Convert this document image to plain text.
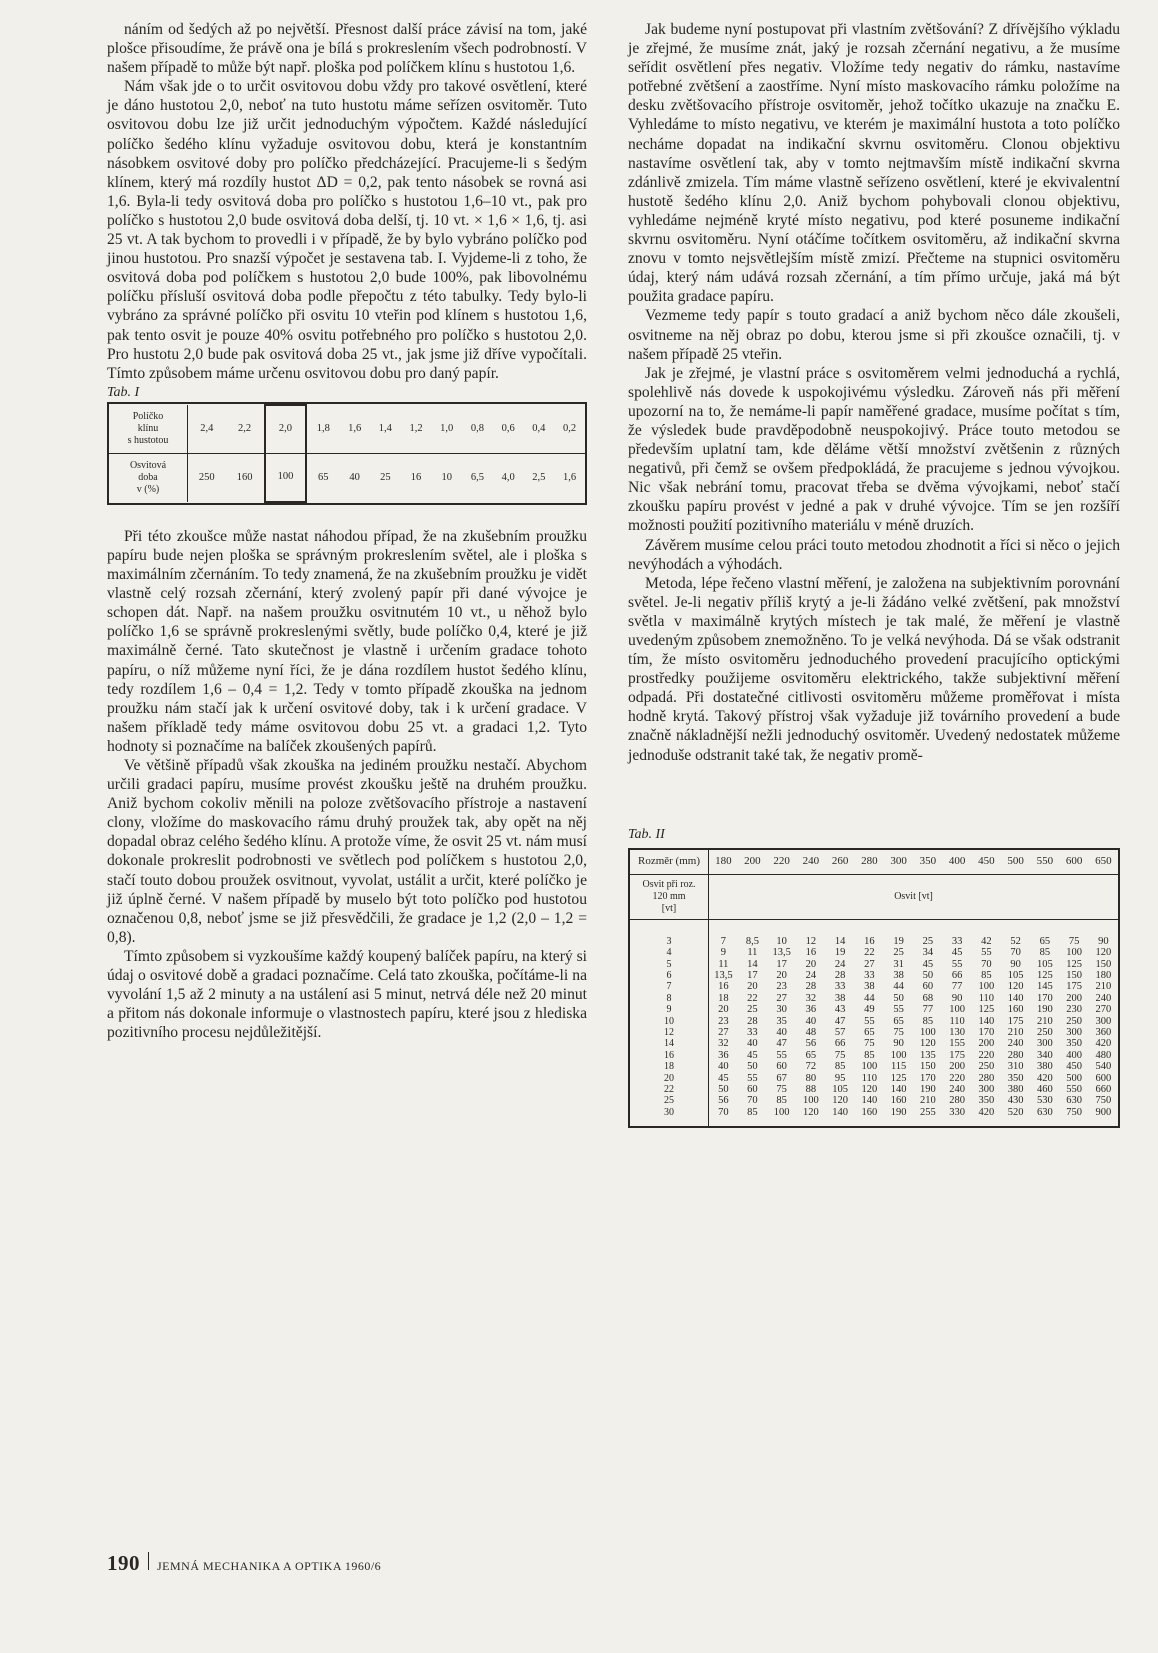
náním od šedých až po největší. Přesnost další práce závisí na tom, jaké plošce přisoudíme, že právě ona je bílá s prokreslením všech podrobností. V našem případě to může být např. ploška pod políčkem klínu s hustotou 1,6.

Nám však jde o to určit osvitovou dobu vždy pro takové osvětlení, které je dáno hustotou 2,0, neboť na tuto hustotu máme seřízen osvitoměr. Tuto osvitovou dobu lze již určit jednoduchým výpočtem. Každé následující políčko šedého klínu vyžaduje osvitovou dobu, která je konstantním násobkem osvitové doby pro políčko předcházející. Pracujeme-li s šedým klínem, který má rozdíly hustot ΔD = 0,2, pak tento násobek se rovná asi 1,6. Byla-li tedy osvitová doba pro políčko s hustotou 1,6–10 vt., pak pro políčko s hustotou 2,0 bude osvitová doba delší, tj. 10 vt. × 1,6 × 1,6, tj. asi 25 vt. A tak bychom to provedli i v případě, že by bylo vybráno políčko pod jinou hustotou. Pro snazší výpočet je sestavena tab. I. Vyjdeme-li z toho, že osvitová doba pod políčkem s hustotou 2,0 bude 100%, pak libovolnému políčku přísluší osvitová doba podle přepočtu z této tabulky. Tedy bylo-li vybráno za správné políčko při osvitu 10 vteřin pod klínem s hustotou 1,6, pak tento osvit je pouze 40% osvitu potřebného pro políčko s hustotou 2,0. Pro hustotu 2,0 bude pak osvitová doba 25 vt., jak jsme již dříve vypočítali. Tímto způsobem máme určenu osvitovou dobu pro daný papír.

Tab. I

Políčko
klínu
s hustotou	2,4	2,2	2,0	1,8	1,6	1,4	1,2	1,0	0,8	0,6	0,4	0,2

Osvitová
doba
v (%)	250	160	100	65	40	25	16	10	6,5	4,0	2,5	1,6

Při této zkoušce může nastat náhodou případ, že na zkušebním proužku papíru bude nejen ploška se správným prokreslením světel, ale i ploška s maximálním zčernáním. To tedy znamená, že na zkušebním proužku je vidět vlastně celý rozsah zčernání, který zvolený papír při dané vývojce je schopen dát. Např. na našem proužku osvitnutém 10 vt., u něhož bylo políčko 1,6 se správně prokreslenými světly, bude políčko 0,4, které je již maximálně černé. Tato skutečnost je vlastně i určením gradace tohoto papíru, o níž můžeme nyní říci, že je dána rozdílem hustot šedého klínu, tedy rozdílem 1,6 – 0,4 = 1,2. Tedy v tomto případě zkouška na jednom proužku nám stačí jak k určení osvitové doby, tak i k určení gradace. V našem příkladě tedy máme osvitovou dobu 25 vt. a gradaci 1,2. Tyto hodnoty si poznačíme na balíček zkoušených papírů.

Ve většině případů však zkouška na jediném proužku nestačí. Abychom určili gradaci papíru, musíme provést zkoušku ještě na druhém proužku. Aniž bychom cokoliv měnili na poloze zvětšovacího přístroje a nastavení clony, vložíme do maskovacího rámu druhý proužek tak, aby opět na něj dopadal obraz celého šedého klínu. A protože víme, že osvit 25 vt. nám musí dokonale prokreslit podrobnosti ve světlech pod políčkem s hustotou 2,0, stačí touto dobou proužek osvitnout, vyvolat, ustálit a určit, které políčko je již úplně černé. V našem případě by muselo být toto políčko pod hustotou označenou 0,8, neboť jsme se již přesvědčili, že gradace je 1,2 (2,0 – 1,2 = 0,8).

Tímto způsobem si vyzkoušíme každý koupený balíček papíru, na který si údaj o osvitové době a gradaci poznačíme. Celá tato zkouška, počítáme-li na vyvolání 1,5 až 2 minuty a na ustálení asi 5 minut, netrvá déle než 20 minut a přitom nás dokonale informuje o vlastnostech papíru, které jsou z hlediska pozitivního procesu nejdůležitější.

Jak budeme nyní postupovat při vlastním zvětšování? Z dřívějšího výkladu je zřejmé, že musíme znát, jaký je rozsah zčernání negativu, a že musíme seřídit osvětlení přes negativ. Vložíme tedy negativ do rámku, nastavíme potřebné zvětšení a zaostříme. Nyní místo maskovacího rámku položíme na desku zvětšovacího přístroje osvitoměr, jehož točítko ukazuje na značku E. Vyhledáme to místo negativu, ve kterém je maximální hustota a toto políčko necháme dopadat na indikační skvrnu osvitoměru. Clonou objektivu nastavíme osvětlení tak, aby v tomto nejtmavším místě indikační skvrna zdánlivě zmizela. Tím máme vlastně seřízeno osvětlení, které je ekvivalentní hustotě šedého klínu 2,0. Aniž bychom pohybovali clonou objektivu, vyhledáme nejméně kryté místo negativu, pod které posuneme indikační skvrnu osvitoměru. Nyní otáčíme točítkem osvitoměru, až indikační skvrna znovu v tomto nejsvětlejším místě zmizí. Přečteme na stupnici osvitoměru údaj, který nám udává rozsah zčernání, a tím přímo určuje, jaká má být použita gradace papíru.

Vezmeme tedy papír s touto gradací a aniž bychom něco dále zkoušeli, osvitneme na něj obraz po dobu, kterou jsme si při zkoušce označili, tj. v našem případě 25 vteřin.

Jak je zřejmé, je vlastní práce s osvitoměrem velmi jednoduchá a rychlá, spolehlivě nás dovede k uspokojivému výsledku. Zároveň nás při měření upozorní na to, že nemáme-li papír naměřené gradace, musíme počítat s tím, že výsledek bude pravděpodobně neuspokojivý. Práce touto metodou se především uplatní tam, kde děláme větší množství zvětšenin z různých negativů, při čemž se ovšem předpokládá, že pracujeme s jednou vývojkou. Nic však nebrání tomu, pracovat třeba se dvěma vývojkami, neboť stačí zkoušku papíru provést v jedné a pak v druhé vývojce. Tím se jen rozšíří možnosti použití pozitivního materiálu v méně druzích.

Závěrem musíme celou práci touto metodou zhodnotit a říci si něco o jejich nevýhodách a výhodách.

Metoda, lépe řečeno vlastní měření, je založena na subjektivním porovnání světel. Je-li negativ příliš krytý a je-li žádáno velké zvětšení, pak množství světla v maximálně krytých místech je tak malé, že měření je vlastně uvedeným způsobem znemožněno. To je velká nevýhoda. Dá se však odstranit tím, že místo osvitoměru jednoduchého provedení pracujícího optickými prostředky použijeme osvitoměru elektrického, takže subjektivní měření odpadá. Při dostatečné citlivosti osvitoměru můžeme proměřovat i místa hodně krytá. Takový přístroj však vyžaduje již továrního provedení a bude značně nákladnější nežli jednoduchý osvitoměr. Uvedený nedostatek můžeme jednoduše odstranit také tak, že negativ promě-

Tab. II

Rozměr (mm)	180	200	220	240	260	280	300	350	400	450	500	550	600	650

Osvit při roz.
120 mm
[vt]	Osvit [vt]													

3	7	8,5	10	12	14	16	19	25	33	42	52	65	75	90
4	9	11	13,5	16	19	22	25	34	45	55	70	85	100	120
5	11	14	17	20	24	27	31	45	55	70	90	105	125	150
6	13,5	17	20	24	28	33	38	50	66	85	105	125	150	180
7	16	20	23	28	33	38	44	60	77	100	120	145	175	210
8	18	22	27	32	38	44	50	68	90	110	140	170	200	240
9	20	25	30	36	43	49	55	77	100	125	160	190	230	270
10	23	28	35	40	47	55	65	85	110	140	175	210	250	300
12	27	33	40	48	57	65	75	100	130	170	210	250	300	360
14	32	40	47	56	66	75	90	120	155	200	240	300	350	420
16	36	45	55	65	75	85	100	135	175	220	280	340	400	480
18	40	50	60	72	85	100	115	150	200	250	310	380	450	540
20	45	55	67	80	95	110	125	170	220	280	350	420	500	600
22	50	60	75	88	105	120	140	190	240	300	380	460	550	660
25	56	70	85	100	120	140	160	210	280	350	430	530	630	750
30	70	85	100	120	140	160	190	255	330	420	520	630	750	900
190 JEMNÁ MECHANIKA A OPTIKA 1960/6
